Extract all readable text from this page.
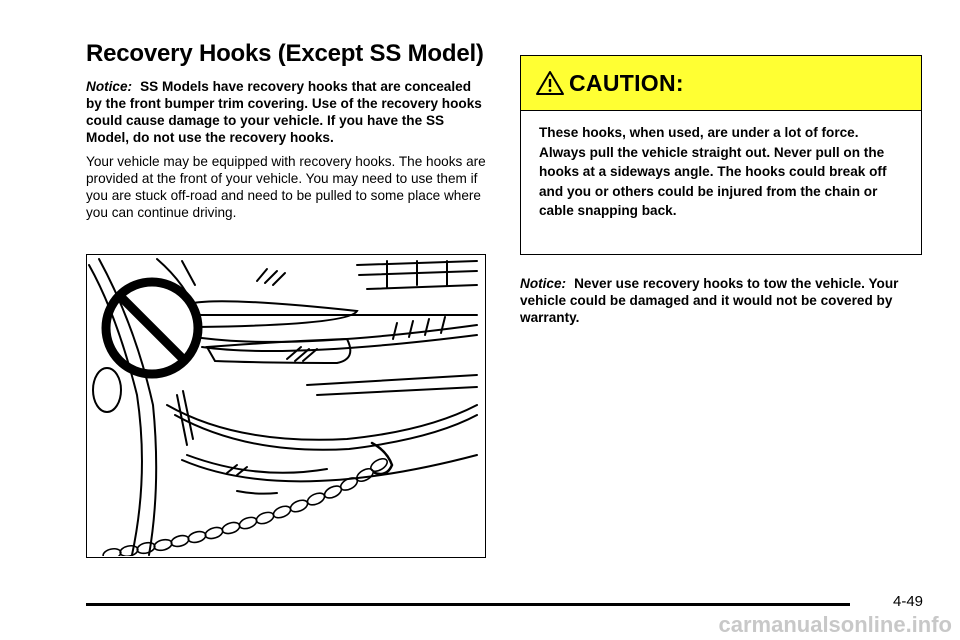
Recovery Hooks (Except SS Model)

Notice: SS Models have recovery hooks that are concealed by the front bumper trim covering. Use of the recovery hooks could cause damage to your vehicle. If you have the SS Model, do not use the recovery hooks.

Your vehicle may be equipped with recovery hooks. The hooks are provided at the front of your vehicle. You may need to use them if you are stuck off-road and need to be pulled to some place where you can continue driving.

CAUTION:
These hooks, when used, are under a lot of force. Always pull the vehicle straight out. Never pull on the hooks at a sideways angle. The hooks could break off and you or others could be injured from the chain or cable snapping back.

Notice: Never use recovery hooks to tow the vehicle. Your vehicle could be damaged and it would not be covered by warranty.

4-49
carmanualsonline.info
